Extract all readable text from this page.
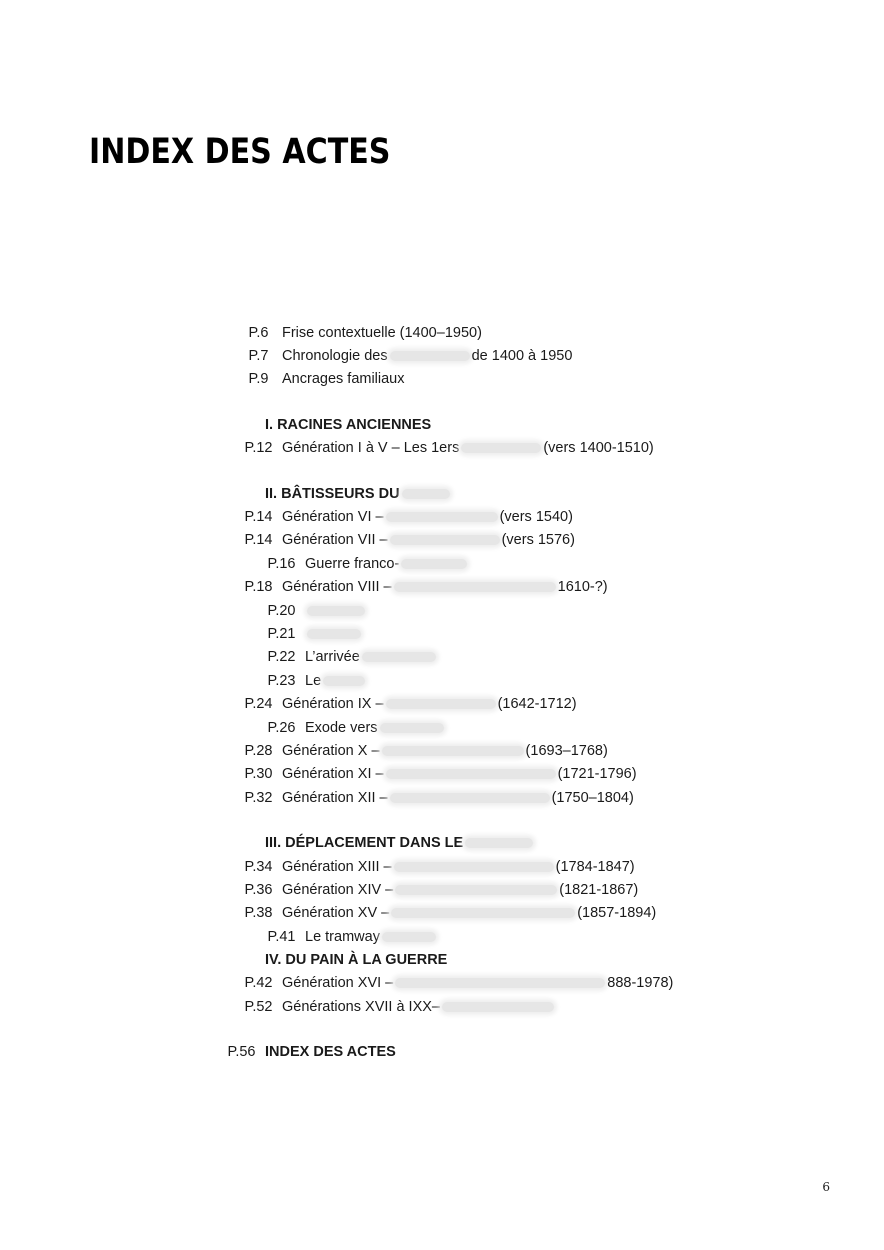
INDEX DES ACTES
P.6 Frise contextuelle (1400–1950)
P.7 Chronologie des	de 1400 à 1950
P.9 Ancrages familiaux
I. RACINES ANCIENNES
P.12 Génération I à V – Les 1ers	(vers 1400-1510)
II. BÂTISSEURS DU
P.14 Génération VI –	(vers 1540)
P.14 Génération VII –	(vers 1576)
P.16 Guerre franco-
P.18 Génération VIII –	1610-?)
P.20
P.21
P.22 L’arrivée
P.23 Le
P.24 Génération IX –	(1642-1712)
P.26 Exode vers
P.28 Génération X –	(1693–1768)
P.30 Génération XI –	(1721-1796)
P.32 Génération XII –	(1750–1804)
III. DÉPLACEMENT DANS LE
P.34 Génération XIII –	(1784-1847)
P.36 Génération XIV –	(1821-1867)
P.38 Génération XV –	(1857-1894)
P.41 Le tramway
IV. DU PAIN À LA GUERRE
P.42 Génération XVI –	888-1978)
P.52 Générations XVII à IXX–
P.56 INDEX DES ACTES
6
